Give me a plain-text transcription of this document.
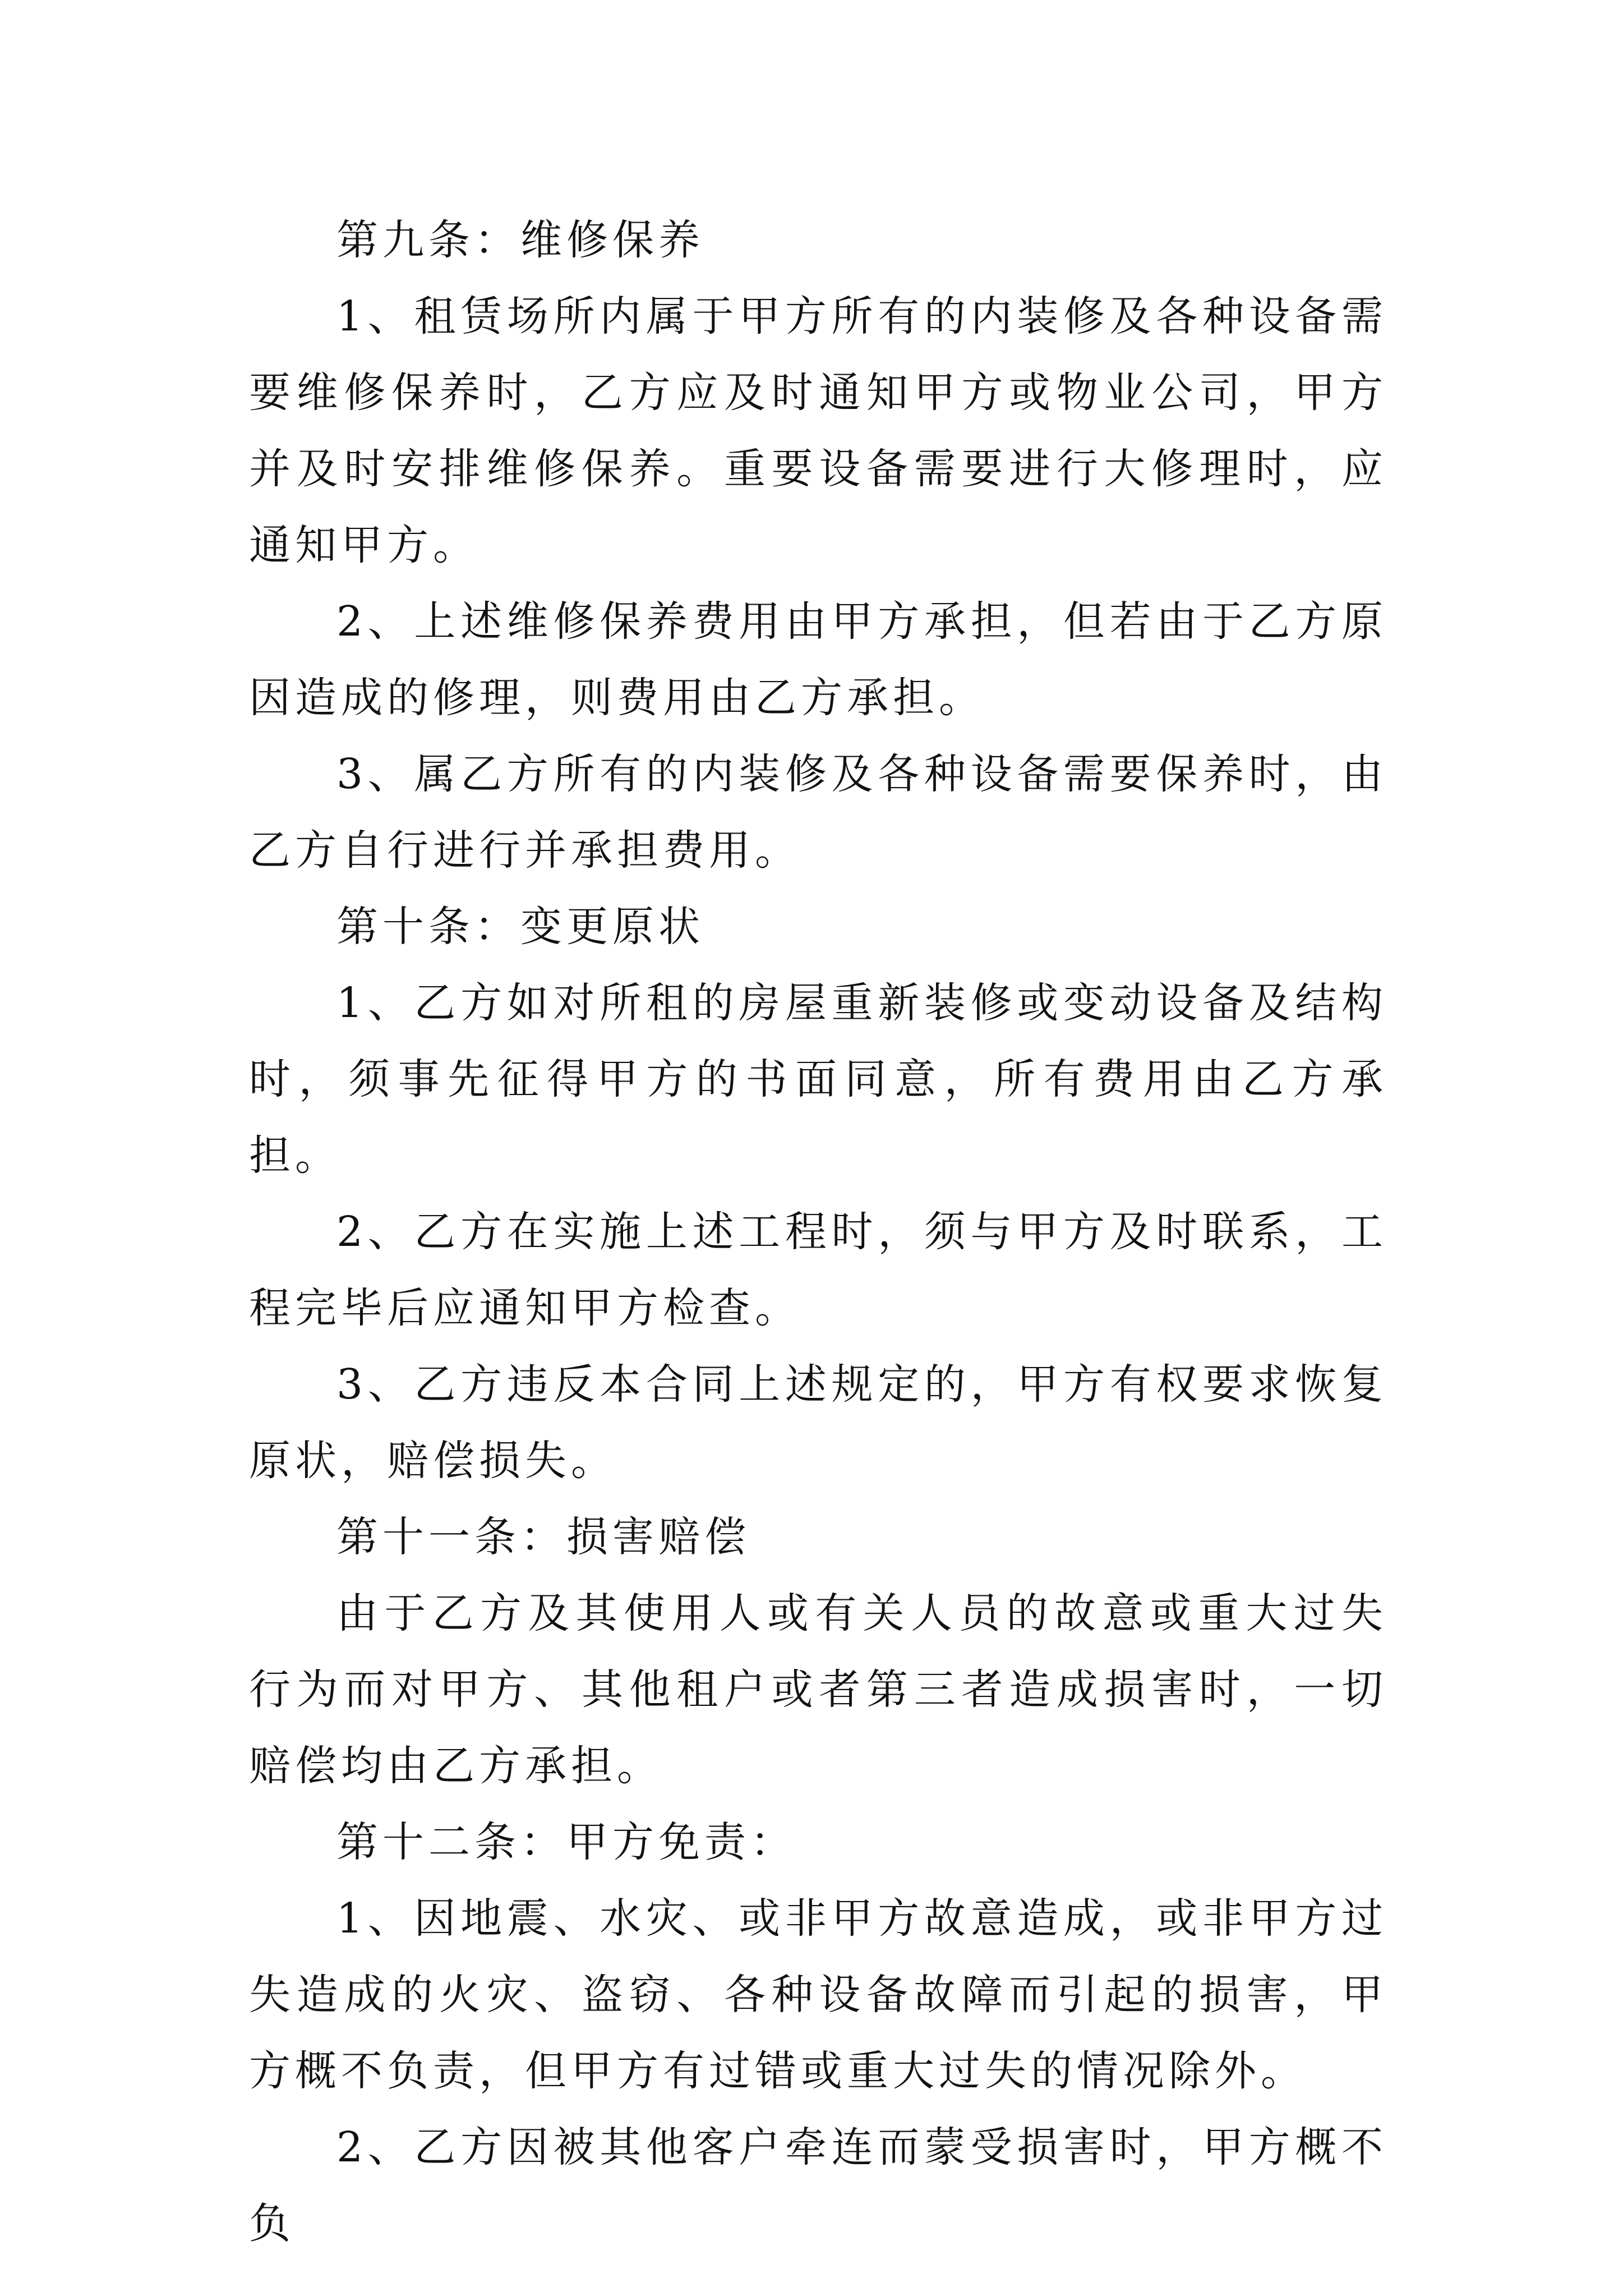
第九条：维修保养

1、租赁场所内属于甲方所有的内装修及各种设备需要维修保养时，乙方应及时通知甲方或物业公司，甲方并及时安排维修保养。重要设备需要进行大修理时，应通知甲方。

2、上述维修保养费用由甲方承担，但若由于乙方原因造成的修理，则费用由乙方承担。

3、属乙方所有的内装修及各种设备需要保养时，由乙方自行进行并承担费用。

第十条：变更原状

1、乙方如对所租的房屋重新装修或变动设备及结构时，须事先征得甲方的书面同意，所有费用由乙方承担。

2、乙方在实施上述工程时，须与甲方及时联系，工程完毕后应通知甲方检查。

3、乙方违反本合同上述规定的，甲方有权要求恢复原状，赔偿损失。

第十一条：损害赔偿

由于乙方及其使用人或有关人员的故意或重大过失行为而对甲方、其他租户或者第三者造成损害时，一切赔偿均由乙方承担。

第十二条：甲方免责：

1、因地震、水灾、或非甲方故意造成，或非甲方过失造成的火灾、盗窃、各种设备故障而引起的损害，甲方概不负责，但甲方有过错或重大过失的情况除外。

2、乙方因被其他客户牵连而蒙受损害时，甲方概不负
